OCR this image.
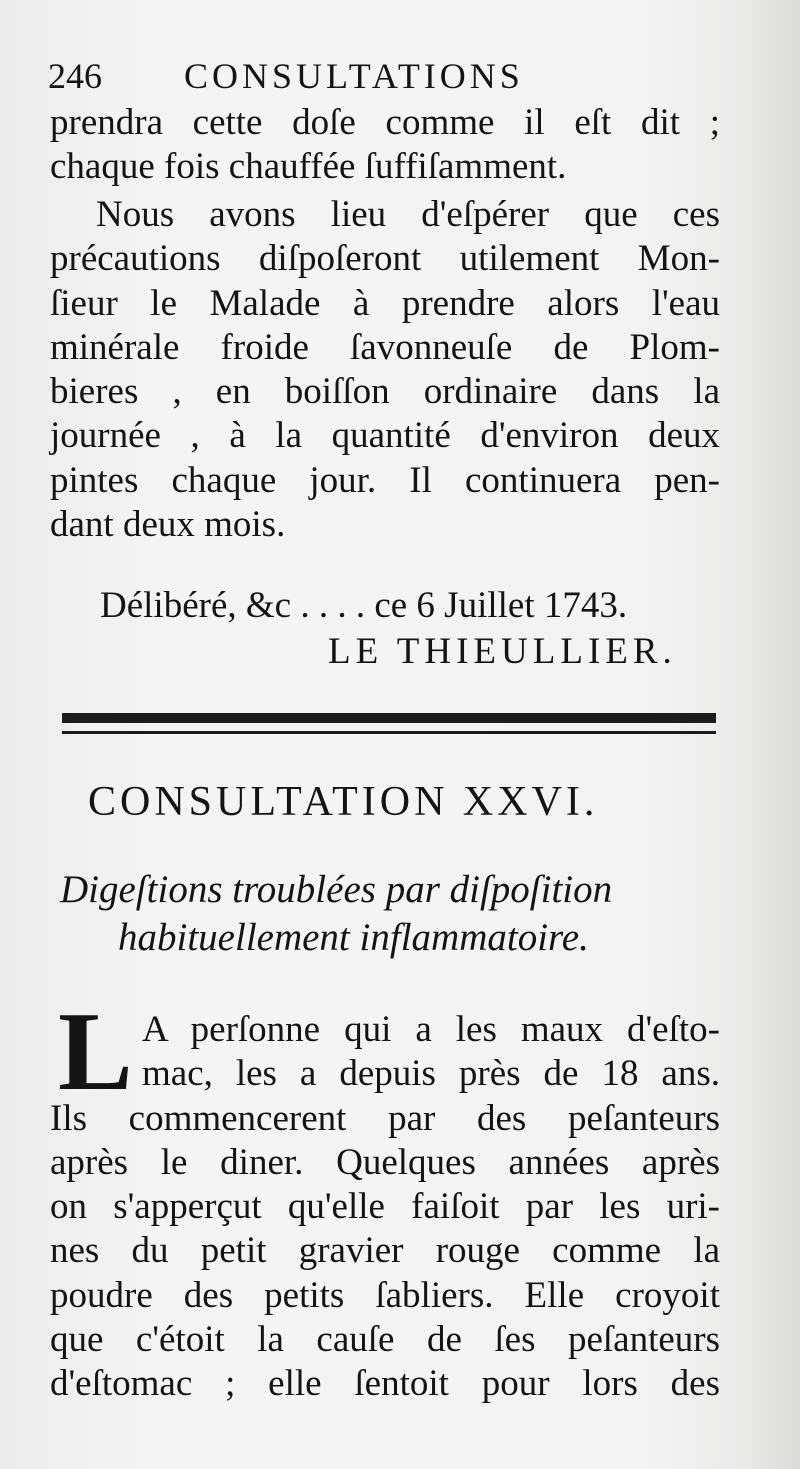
246 CONSULTATIONS
prendra cette doſe comme il eſt dit ;
chaque fois chauffée ſuffiſamment.
Nous avons lieu d'eſpérer que ces
précautions diſpoſeront utilement Mon-
ſieur le Malade à prendre alors l'eau
minérale froide ſavonneuſe de Plom-
bieres , en boiſſon ordinaire dans la
journée , à la quantité d'environ deux
pintes chaque jour. Il continuera pen-
dant deux mois.
Délibéré, &c . . . . ce 6 Juillet 1743.
LE THIEULLIER.
CONSULTATION XXVI.
Digeſtions troublées par diſpoſition
habituellement inflammatoire.
L A perſonne qui a les maux d'eſto-
mac, les a depuis près de 18 ans.
Ils commencerent par des peſanteurs
après le diner. Quelques années après
on s'apperçut qu'elle faiſoit par les uri-
nes du petit gravier rouge comme la
poudre des petits ſabliers. Elle croyoit
que c'étoit la cauſe de ſes peſanteurs
d'eſtomac ; elle ſentoit pour lors des
